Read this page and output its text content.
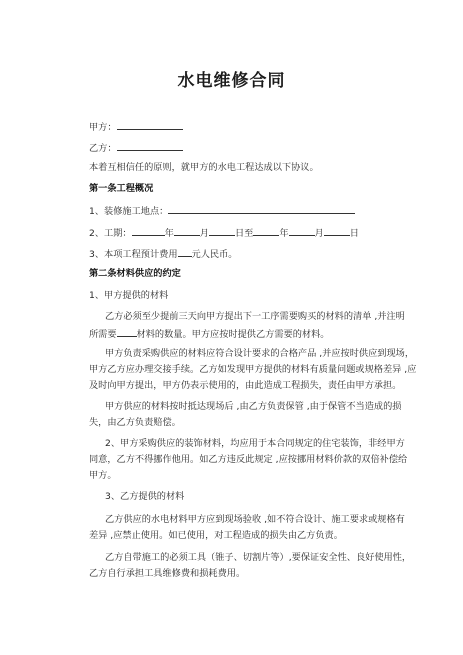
水电维修合同
甲方：
乙方：
本着互相信任的原则，就甲方的水电工程达成以下协议。
第一条工程概况
1、装修施工地点：
2、工期：	年	月	日至	年	月	日
3、本项工程预计费用 元人民币。
第二条材料供应的约定
1、甲方提供的材料
乙方必须至少提前三天向甲方提出下一工序需要购买的材料的清单 ,并注明
所需要 材料的数量。甲方应按时提供乙方需要的材料。
甲方负责采购供应的材料应符合设计要求的合格产品 ,并应按时供应到现场，
甲方乙方应办理交接手续。乙方如发现甲方提供的材料有质量问题或规格差异 ,应
及时向甲方提出，甲方仍表示使用的，由此造成工程损失，责任由甲方承担。
甲方供应的材料按时抵达现场后 ,由乙方负责保管 ,由于保管不当造成的损
失，由乙方负责赔偿。
2、甲方采购供应的装饰材料，均应用于本合同规定的住宅装饰，非经甲方
同意，乙方不得挪作他用。如乙方违反此规定 ,应按挪用材料价款的双倍补偿给
甲方。
3、乙方提供的材料
乙方供应的水电材料甲方应到现场验收 ,如不符合设计、施工要求或规格有
差异 ,应禁止使用。如已使用，对工程造成的损失由乙方负责。
乙方自带施工的必须工具（锥子、切割片等）,要保证安全性、良好使用性，
乙方自行承担工具维修费和损耗费用。
